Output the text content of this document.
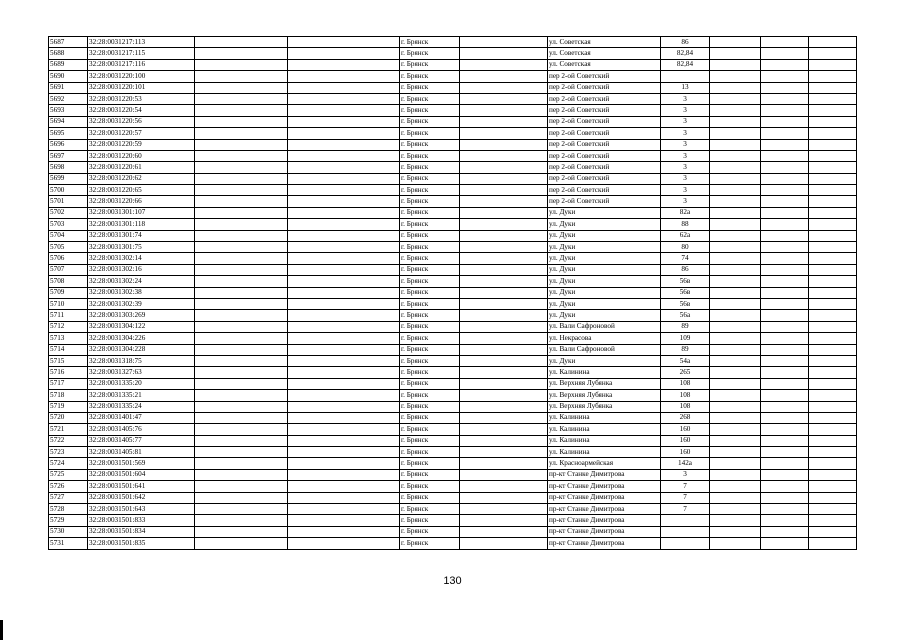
5687	32:28:0031217:113			г. Брянск		ул. Советская	86			
5688	32:28:0031217:115			г. Брянск		ул. Советская	82,84			
5689	32:28:0031217:116			г. Брянск		ул. Советская	82,84			
5690	32:28:0031220:100			г. Брянск		пер 2-ой Советский				
5691	32:28:0031220:101			г. Брянск		пер 2-ой Советский	13			
5692	32:28:0031220:53			г. Брянск		пер 2-ой Советский	3			
5693	32:28:0031220:54			г. Брянск		пер 2-ой Советский	3			
5694	32:28:0031220:56			г. Брянск		пер 2-ой Советский	3			
5695	32:28:0031220:57			г. Брянск		пер 2-ой Советский	3			
5696	32:28:0031220:59			г. Брянск		пер 2-ой Советский	3			
5697	32:28:0031220:60			г. Брянск		пер 2-ой Советский	3			
5698	32:28:0031220:61			г. Брянск		пер 2-ой Советский	3			
5699	32:28:0031220:62			г. Брянск		пер 2-ой Советский	3			
5700	32:28:0031220:65			г. Брянск		пер 2-ой Советский	3			
5701	32:28:0031220:66			г. Брянск		пер 2-ой Советский	3			
5702	32:28:0031301:107			г. Брянск		ул. Дуки	82а			
5703	32:28:0031301:118			г. Брянск		ул. Дуки	88			
5704	32:28:0031301:74			г. Брянск		ул. Дуки	62а			
5705	32:28:0031301:75			г. Брянск		ул. Дуки	80			
5706	32:28:0031302:14			г. Брянск		ул. Дуки	74			
5707	32:28:0031302:16			г. Брянск		ул. Дуки	86			
5708	32:28:0031302:24			г. Брянск		ул. Дуки	56в			
5709	32:28:0031302:38			г. Брянск		ул. Дуки	56в			
5710	32:28:0031302:39			г. Брянск		ул. Дуки	56в			
5711	32:28:0031303:269			г. Брянск		ул. Дуки	56а			
5712	32:28:0031304:122			г. Брянск		ул. Вали Сафроновой	89			
5713	32:28:0031304:226			г. Брянск		ул. Некрасова	109			
5714	32:28:0031304:228			г. Брянск		ул. Вали Сафроновой	89			
5715	32:28:0031318:75			г. Брянск		ул. Дуки	54а			
5716	32:28:0031327:63			г. Брянск		ул. Калинина	265			
5717	32:28:0031335:20			г. Брянск		ул. Верхняя Лубянка	108			
5718	32:28:0031335:21			г. Брянск		ул. Верхняя Лубянка	108			
5719	32:28:0031335:24			г. Брянск		ул. Верхняя Лубянка	108			
5720	32:28:0031401:47			г. Брянск		ул. Калинина	268			
5721	32:28:0031405:76			г. Брянск		ул. Калинина	160			
5722	32:28:0031405:77			г. Брянск		ул. Калинина	160			
5723	32:28:0031405:81			г. Брянск		ул. Калинина	160			
5724	32:28:0031501:569			г. Брянск		ул. Красноармейская	142а			
5725	32:28:0031501:604			г. Брянск		пр-кт Станке Димитрова	3			
5726	32:28:0031501:641			г. Брянск		пр-кт Станке Димитрова	7			
5727	32:28:0031501:642			г. Брянск		пр-кт Станке Димитрова	7			
5728	32:28:0031501:643			г. Брянск		пр-кт Станке Димитрова	7			
5729	32:28:0031501:833			г. Брянск		пр-кт Станке Димитрова				
5730	32:28:0031501:834			г. Брянск		пр-кт Станке Димитрова				
5731	32:28:0031501:835			г. Брянск		пр-кт Станке Димитрова				
130
